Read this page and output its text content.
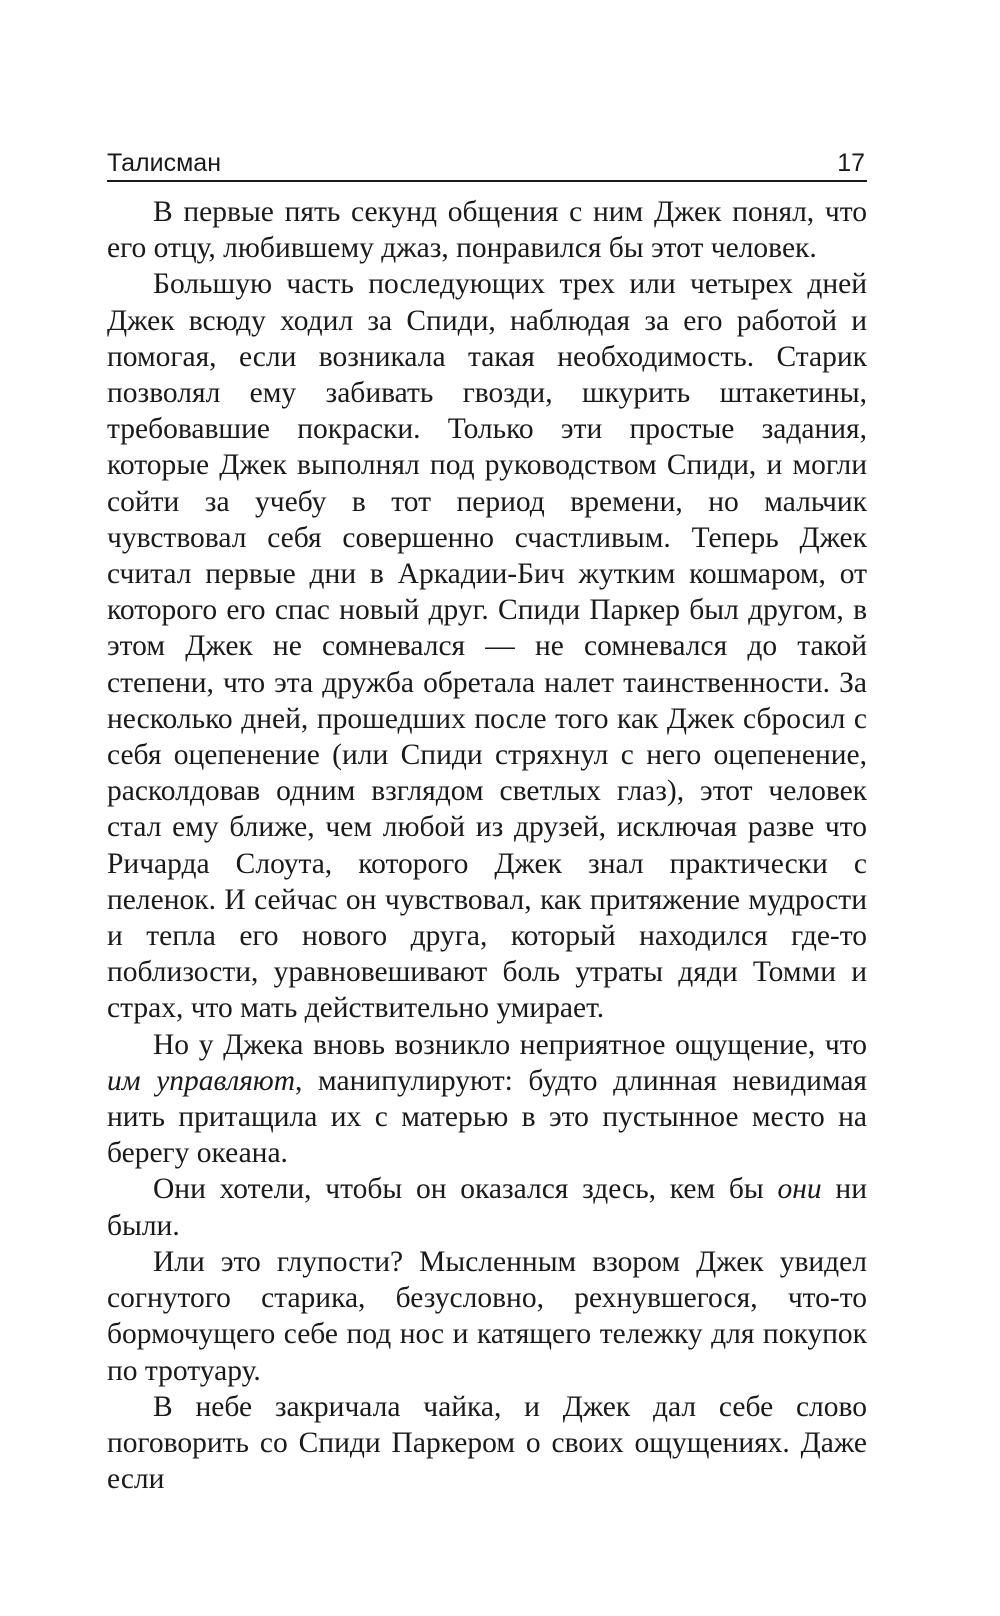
Талисман	17

В первые пять секунд общения с ним Джек понял, что его отцу, любившему джаз, понравился бы этот человек.

Большую часть последующих трех или четырех дней Джек всюду ходил за Спиди, наблюдая за его работой и помогая, если возникала такая необходимость. Старик позволял ему забивать гвозди, шкурить штакетины, требовавшие покраски. Только эти простые задания, которые Джек выполнял под руководством Спиди, и могли сойти за учебу в тот период времени, но мальчик чувствовал себя совершенно счастливым. Теперь Джек считал первые дни в Аркадии-Бич жутким кошмаром, от которого его спас новый друг. Спиди Паркер был другом, в этом Джек не сомневался — не сомневался до такой степени, что эта дружба обретала налет таинственности. За несколько дней, прошедших после того как Джек сбросил с себя оцепенение (или Спиди стряхнул с него оцепенение, расколдовав одним взглядом светлых глаз), этот человек стал ему ближе, чем любой из друзей, исключая разве что Ричарда Слоута, которого Джек знал практически с пеленок. И сейчас он чувствовал, как притяжение мудрости и тепла его нового друга, который находился где-то поблизости, уравновешивают боль утраты дяди Томми и страх, что мать действительно умирает.

Но у Джека вновь возникло неприятное ощущение, что им управляют, манипулируют: будто длинная невидимая нить притащила их с матерью в это пустынное место на берегу океана.

Они хотели, чтобы он оказался здесь, кем бы они ни были.

Или это глупости? Мысленным взором Джек увидел согнутого старика, безусловно, рехнувшегося, что-то бормочущего себе под нос и катящего тележку для покупок по тротуару.

В небе закричала чайка, и Джек дал себе слово поговорить со Спиди Паркером о своих ощущениях. Даже если
